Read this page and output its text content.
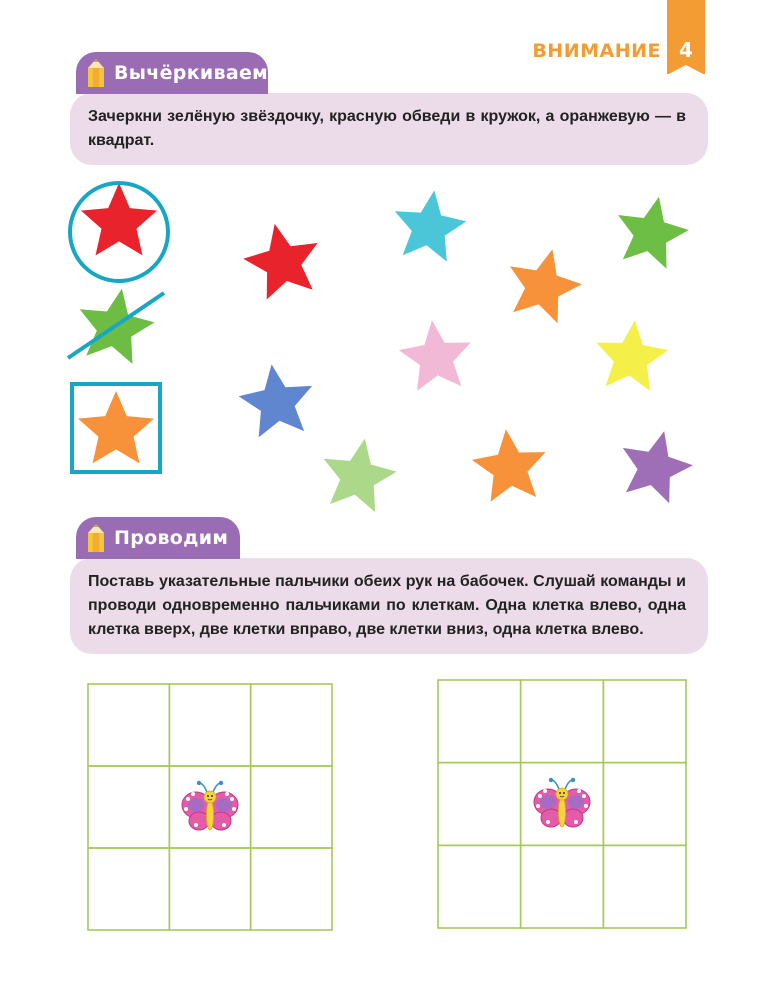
ВНИМАНИЕ 4
Вычёркиваем
Зачеркни зелёную звёздочку, красную обведи в кружок, а оранжевую — в квадрат.
Проводим
Поставь указательные пальчики обеих рук на бабочек. Слушай команды и проводи одновременно пальчиками по клеткам. Одна клетка влево, одна клетка вверх, две клетки вправо, две клетки вниз, одна клетка влево.
